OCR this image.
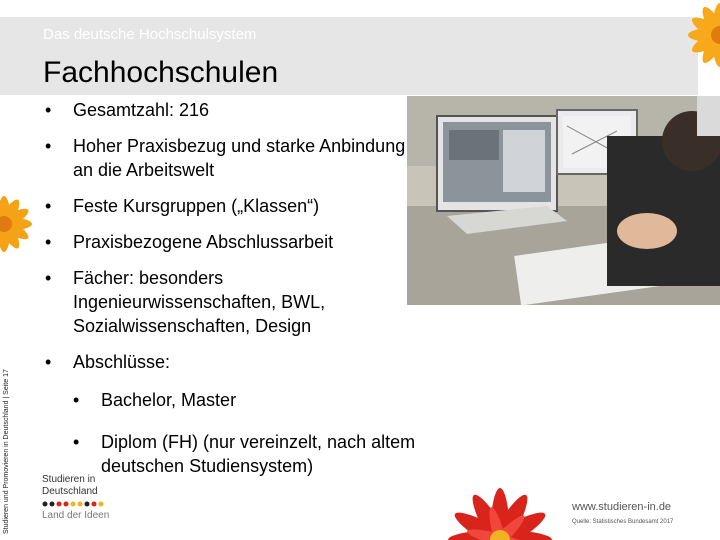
Das deutsche Hochschulsystem
Fachhochschulen
• Gesamtzahl: 216
• Hoher Praxisbezug und starke Anbindung an die Arbeitswelt
• Feste Kursgruppen („Klassen“)
• Praxisbezogene Abschlussarbeit
• Fächer: besonders Ingenieurwissenschaften, BWL, Sozialwissenschaften, Design
• Abschlüsse:
• Bachelor, Master
• Diplom (FH) (nur vereinzelt, nach altem deutschen Studiensystem)
Studieren und Promovieren in Deutschland | Seite 17	Studieren in
Deutschland
Land der Ideen
www.studieren-in.de
Quelle: Statistisches Bundesamt 2017
